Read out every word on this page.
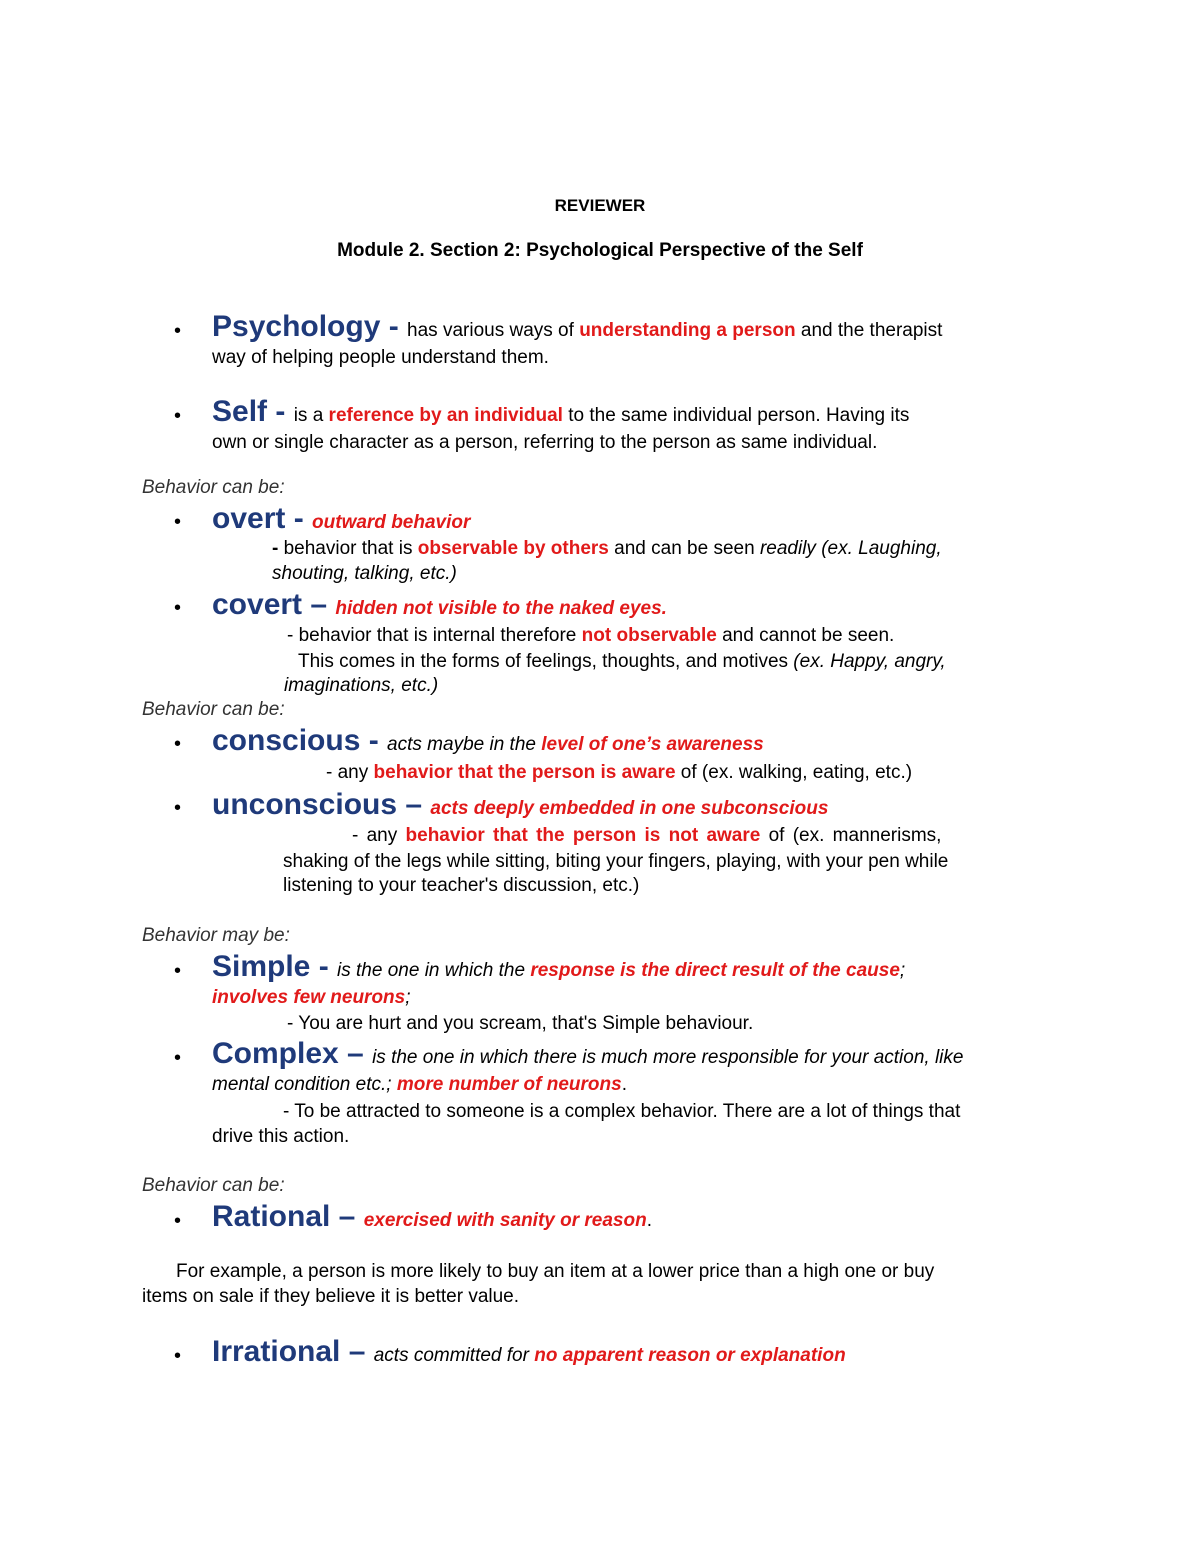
REVIEWER
Module 2. Section 2: Psychological Perspective of the Self
• Psychology - has various ways of understanding a person and the therapist
way of helping people understand them.
• Self - is a reference by an individual to the same individual person. Having its
own or single character as a person, referring to the person as same individual.
Behavior can be:
• overt - outward behavior
- behavior that is observable by others and can be seen readily (ex. Laughing,
shouting, talking, etc.)
• covert – hidden not visible to the naked eyes.
- behavior that is internal therefore not observable and cannot be seen.
This comes in the forms of feelings, thoughts, and motives (ex. Happy, angry,
imaginations, etc.)
Behavior can be:
• conscious - acts maybe in the level of one’s awareness
- any behavior that the person is aware of (ex. walking, eating, etc.)
• unconscious – acts deeply embedded in one subconscious
- any behavior that the person is not aware of (ex. mannerisms,
shaking of the legs while sitting, biting your fingers, playing, with your pen while
listening to your teacher's discussion, etc.)
Behavior may be:
• Simple - is the one in which the response is the direct result of the cause;
involves few neurons;
- You are hurt and you scream, that's Simple behaviour.
• Complex – is the one in which there is much more responsible for your action, like
mental condition etc.; more number of neurons.
- To be attracted to someone is a complex behavior. There are a lot of things that
drive this action.
Behavior can be:
• Rational – exercised with sanity or reason.
For example, a person is more likely to buy an item at a lower price than a high one or buy
items on sale if they believe it is better value.
• Irrational – acts committed for no apparent reason or explanation
